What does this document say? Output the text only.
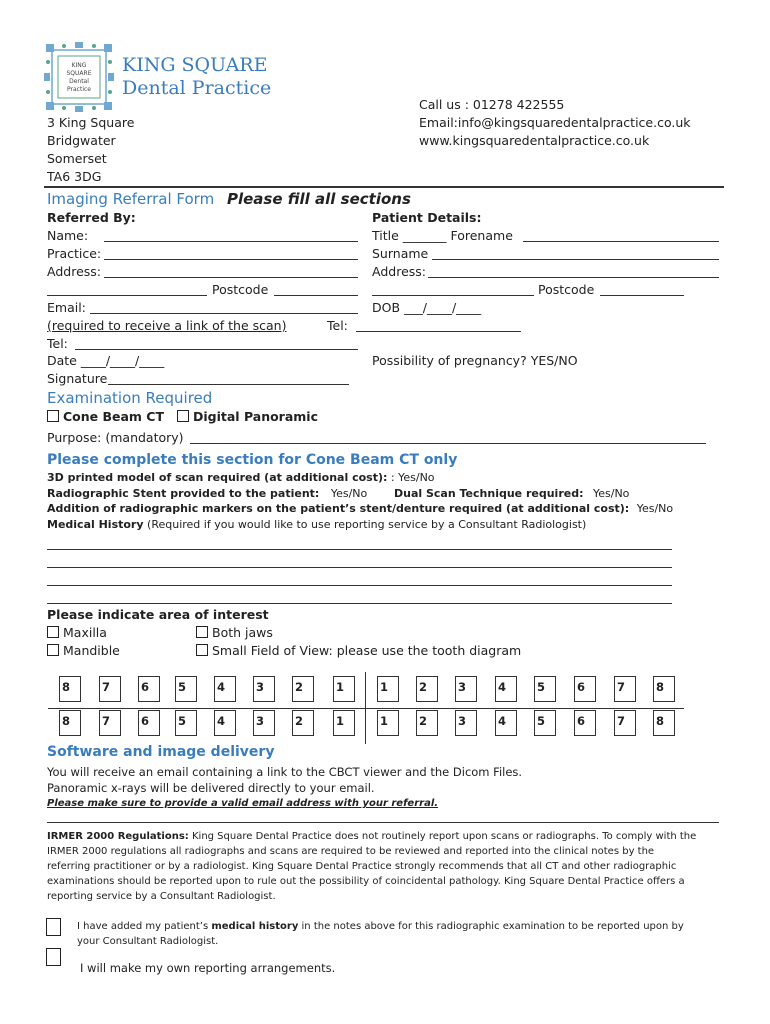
KING
SQUARE
Dental
Practice
KING SQUARE
Dental Practice
Call us : 01278 422555
Email:info@kingsquaredentalpractice.co.uk
www.kingsquaredentalpractice.co.uk
3 King Square
Bridgwater
Somerset
TA6 3DG
Imaging Referral Form Please fill all sections
Referred By:
Name:
Practice:
Address:
Postcode
Email:
(required to receive a link of the scan)
Tel:
Date ____/____/____
Signature
Patient Details:
Title _______ Forename
Surname
Address:
Postcode
DOB ___/____/____
Tel:
Possibility of pregnancy? YES/NO
Examination Required
Cone Beam CT	Digital Panoramic
Purpose: (mandatory)
Please complete this section for Cone Beam CT only
3D printed model of scan required (at additional cost): : Yes/No
Radiographic Stent provided to the patient: Yes/No Dual Scan Technique required: Yes/No
Addition of radiographic markers on the patient’s stent/denture required (at additional cost): Yes/No
Medical History (Required if you would like to use reporting service by a Consultant Radiologist)
Please indicate area of interest
Maxilla	Both jaws
Mandible	Small Field of View: please use the tooth diagram
8	7	6	5	4	3	2	1	1	2	3	4	5	6	7	8
8	7	6	5	4	3	2	1	1	2	3	4	5	6	7	8
Software and image delivery
You will receive an email containing a link to the CBCT viewer and the Dicom Files.
Panoramic x-rays will be delivered directly to your email.
Please make sure to provide a valid email address with your referral.
IRMER 2000 Regulations: King Square Dental Practice does not routinely report upon scans or radiographs. To comply with the
IRMER 2000 regulations all radiographs and scans are required to be reviewed and reported into the clinical notes by the
referring practitioner or by a radiologist. King Square Dental Practice strongly recommends that all CT and other radiographic
examinations should be reported upon to rule out the possibility of coincidental pathology. King Square Dental Practice offers a
reporting service by a Consultant Radiologist.
I have added my patient’s medical history in the notes above for this radiographic examination to be reported upon by
your Consultant Radiologist.
I will make my own reporting arrangements.
